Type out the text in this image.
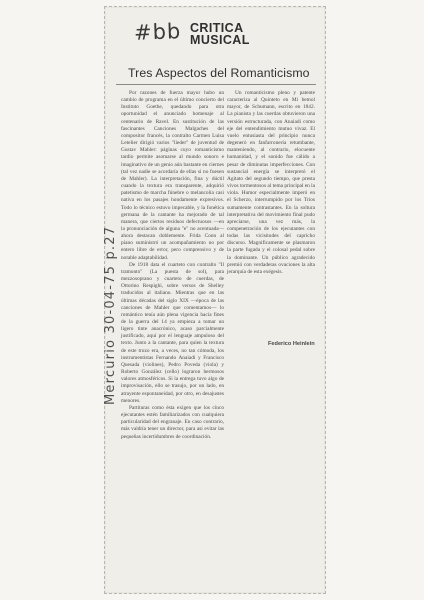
#bb CRITICA
MUSICAL
Tres Aspectos del Romanticismo

Por razones de fuerza mayor hubo un cambio de programa en el último concierto del Instituto Goethe, quedando para otra oportunidad el anunciado homenaje al centenario de Ravel. En sustitución de las fascinantes Canciones Malgaches del compositor francés, la contralto Carmen Luisa Letelier dirigió varios "lieder" de juventud de Gustav Mahler: páginas cuyo romanticismo tardío permite asomarse al mundo sonoro e imaginativo de un genio aún bastante en ciernes (tal vez nadie se acordaría de ellas si no fuesen de Mahler). La interpretación, fina y dúctil cuando la textura era transparente, adquirió patetismo de marcha fúnebre o melancolía casi nativa en los pasajes hondamente expresivos. Todo lo técnico estuvo impecable, y la fonética germana de la cantante ha mejorado de tal manera, que ciertos residuos defectuosos —en la pronunciación de alguna "e" no acentuada— ahora destacan doblemente. Frida Conn al piano suministró un acompañamiento no por entero libre de error, pero comprensivo y de notable adaptabilidad.

De 1918 data el cuarteto con contralto "Il tramonto" (La puesta de sol), para mezzosoprano y cuarteto de cuerdas, de Ottorino Respighi, sobre versos de Shelley traducidos al italiano. Mientras que en las últimas décadas del siglo XIX —época de las canciones de Mahler que comentamos— lo romántico tenía aún plena vigencia hacia fines de la guerra del 14 ya empieza a tomar un ligero tinte anacrónico, acaso parcialmente justificado, aquí por el lenguaje ampuloso del texto. Junto a la cantante, para quien la textura de este trozo era, a veces, no tan cómoda, los instrumentistas Fernando Anaiadi y Francisco Quesada (violines), Pedro Poveda (viola) y Roberto González (cello) lograron hermosos valores atmosféricos. Si la entrega tuvo algo de improvisación, ello se trasujo, por un lado, en atrayente espontaneidad, por otro, en desajustes menores.

Partituras como ésta exigen que los cinco ejecutantes estén familiarizados con cualquiera particularidad del engranaje. En caso contrario, más valdría tener un director, para así evitar las pequeñas incertidumbres de coordinación.

Un romanticismo pleno y patente caracteriza al Quinteto en Mi bemol mayor, de Schumann, escrito en 1842. La pianista y las cuerdas obtuvieron una versión estructurada, con Anaiadi como eje del entendimiento mutuo vivaz. El vuelo entusiasta del principio nunca degeneró en fanfarronería retumbante, manteniendo, al contrario, elocuente humanidad, y el sonido fue cálido a pesar de diminutas imperfecciones. Con sustancial energía se interpretó el Agitato del segundo tiempo, que presta vivos tormentosos al tema principal en la viola. Humor especialmente imperó en el Scherzo, interrumpido por los Trios sumamente contrastantes. En la soltura interpretativa del movimiento final pudo apreciarse, una vez más, la compenetración de los ejecutantes con todas las vicisitudes del capricho discurso. Magnificamente se plasmaron la parte fugada y el colosal pedal sobre la dominante. Un público agradecido premió con verdaderas ovaciones la alta jerarquía de esta exégesis.

Federico Heinlein
Mercurio 30-04-75 p.27
